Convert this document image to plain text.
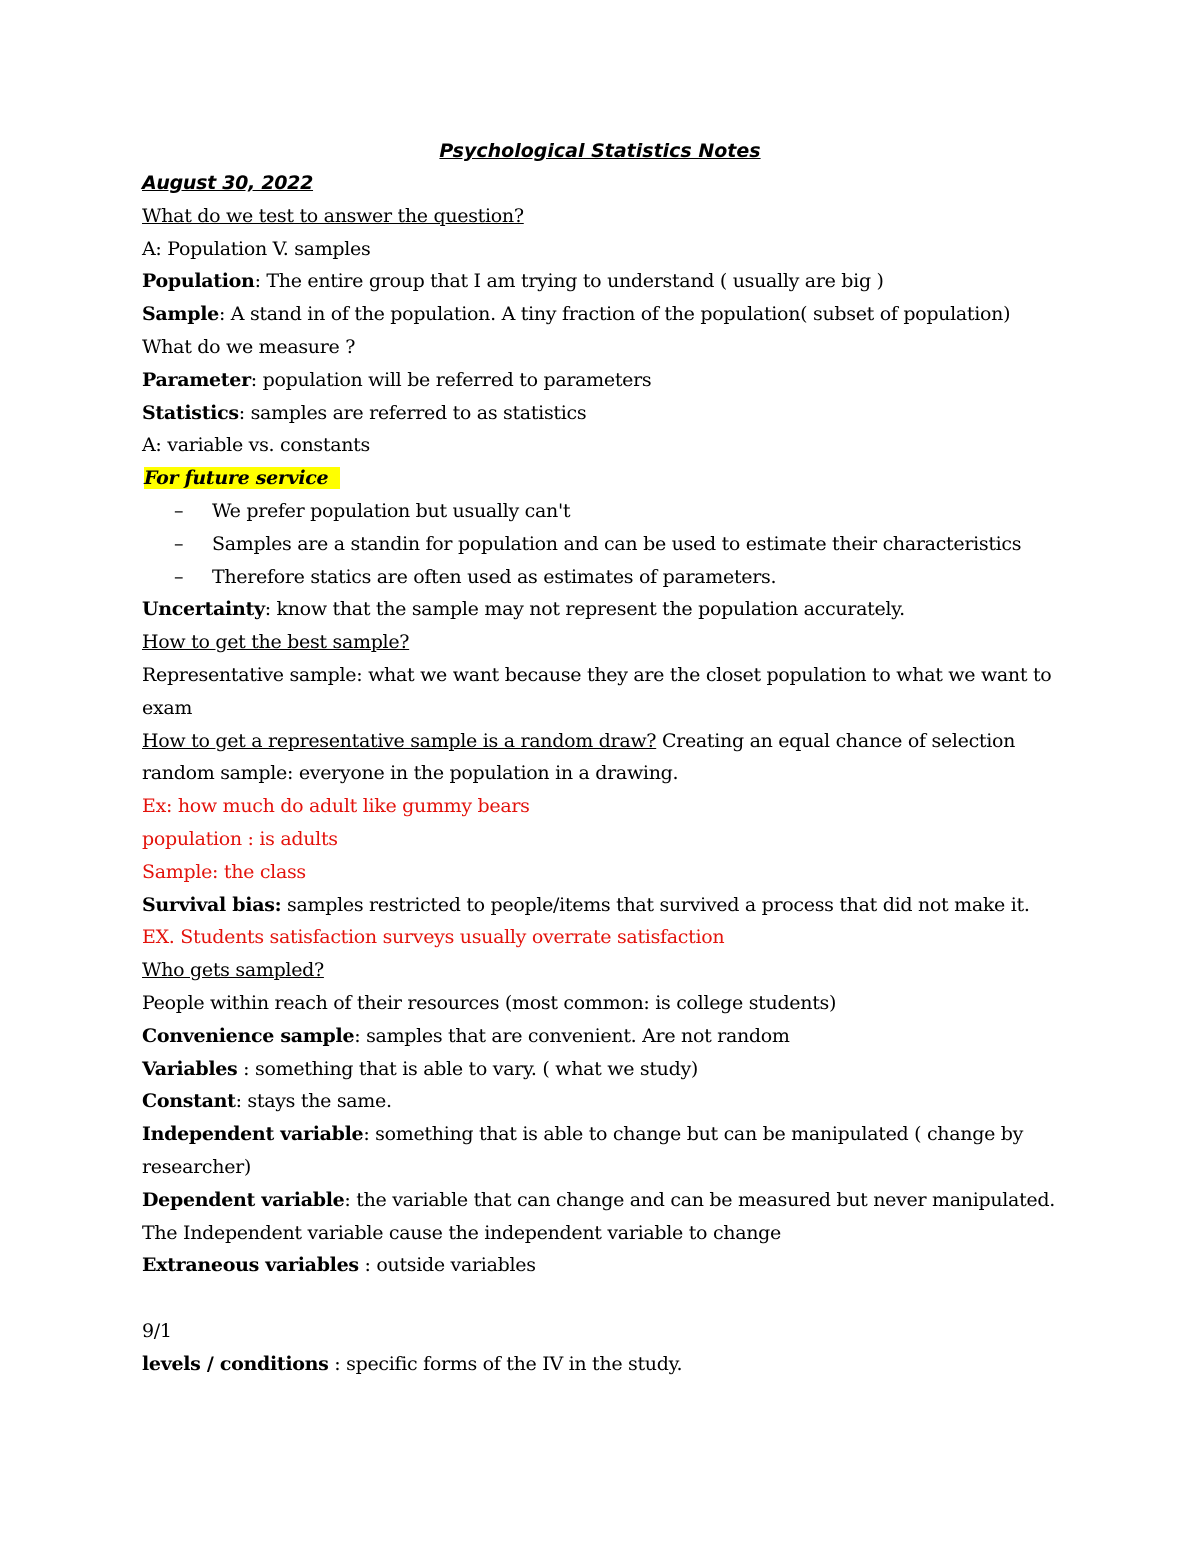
Psychological Statistics Notes
August 30, 2022
What do we test to answer the question?
A: Population V. samples
Population: The entire group that I am trying to understand ( usually are big )
Sample: A stand in of the population. A tiny fraction of the population( subset of population)
What do we measure ?
Parameter: population will be referred to parameters
Statistics: samples are referred to as statistics
A: variable vs. constants
For future service
– We prefer population but usually can't
– Samples are a standin for population and can be used to estimate their characteristics
– Therefore statics are often used as estimates of parameters.
Uncertainty: know that the sample may not represent the population accurately.
How to get the best sample?
Representative sample: what we want because they are the closet population to what we want to exam
How to get a representative sample is a random draw? Creating an equal chance of selection random sample: everyone in the population in a drawing.
Ex: how much do adult like gummy bears
population : is adults
Sample: the class
Survival bias: samples restricted to people/items that survived a process that did not make it.
EX. Students satisfaction surveys usually overrate satisfaction
Who gets sampled?
People within reach of their resources (most common: is college students)
Convenience sample: samples that are convenient. Are not random
Variables : something that is able to vary. ( what we study)
Constant: stays the same.
Independent variable: something that is able to change but can be manipulated ( change by researcher)
Dependent variable: the variable that can change and can be measured but never manipulated.
The Independent variable cause the independent variable to change
Extraneous variables : outside variables
9/1
levels / conditions : specific forms of the IV in the study.
